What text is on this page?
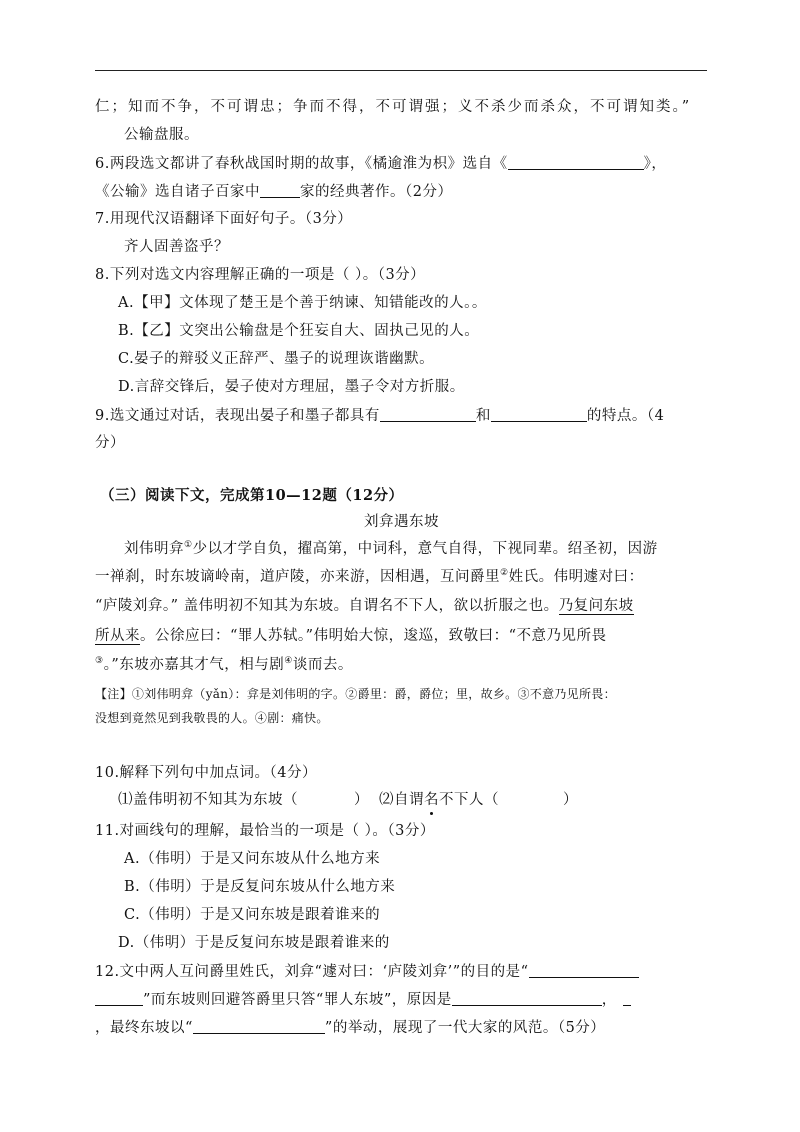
仁；知而不争，不可谓忠；争而不得，不可谓强；义不杀少而杀众，不可谓知类。”
公输盘服。
6.两段选文都讲了春秋战国时期的故事，《橘逾淮为枳》选自《	》，
《公输》选自诸子百家中	家的经典著作。（2分）
7.用现代汉语翻译下面好句子。（3分）
齐人固善盗乎？
8.下列对选文内容理解正确的一项是（ ）。（3分）
A.【甲】文体现了楚王是个善于纳谏、知错能改的人。。
B.【乙】文突出公输盘是个狂妄自大、固执己见的人。
C.晏子的辩驳义正辞严、墨子的说理诙谐幽默。
D.言辞交锋后，晏子使对方理屈，墨子令对方折服。
9.选文通过对话，表现出晏子和墨子都具有	和	的特点。（4
分）
（三）阅读下文，完成第10—12题（12分）
刘弇遇东坡
刘伟明弇①少以才学自负，擢高第，中词科，意气自得，下视同辈。绍圣初，因游
一禅刹，时东坡谪岭南，道庐陵，亦来游，因相遇，互问爵里②姓氏。伟明遽对曰：
“庐陵刘弇。” 盖伟明初不知其为东坡。自谓名不下人，欲以折服之也。乃复问东坡
所从来。公徐应曰：“罪人苏轼。”伟明始大惊，逡巡，致敬曰：“不意乃见所畏
③。”东坡亦嘉其才气，相与剧④谈而去。
【注】①刘伟明弇（yǎn）：弇是刘伟明的字。②爵里：爵，爵位；里，故乡。③不意乃见所畏：
没想到竟然见到我敬畏的人。④剧：痛快。
10.解释下列句中加点词。（4分）
⑴盖伟明初不知其为东坡（	） ⑵自谓名不下人（	）
11.对画线句的理解，最恰当的一项是（ ）。（3分）
A.（伟明）于是又问东坡从什么地方来
B.（伟明）于是反复问东坡从什么地方来
C.（伟明）于是又问东坡是跟着谁来的
D.（伟明）于是反复问东坡是跟着谁来的
12.文中两人互问爵里姓氏，刘弇“遽对曰：‘庐陵刘弇’”的目的是“
”而东坡则回避答爵里只答“罪人东坡”，原因是	，
，最终东坡以“	”的举动，展现了一代大家的风范。（5分）
